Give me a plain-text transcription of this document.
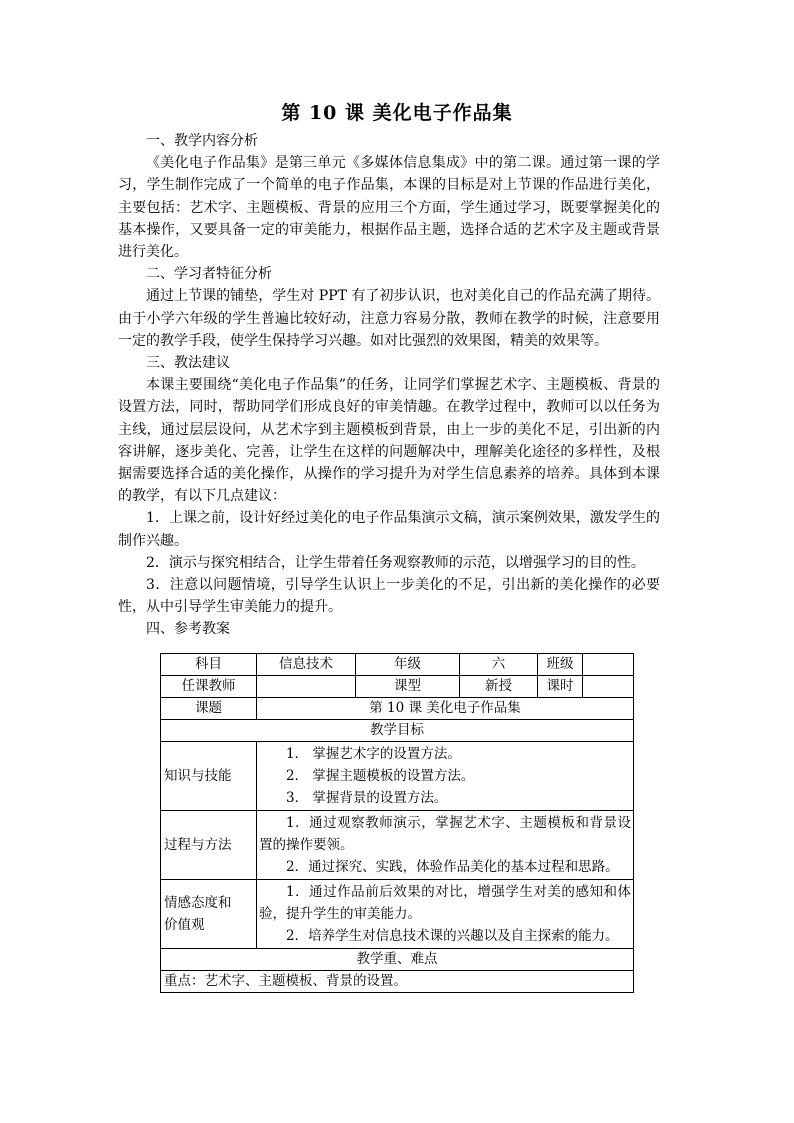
第 10 课 美化电子作品集

一、教学内容分析

《美化电子作品集》是第三单元《多媒体信息集成》中的第二课。通过第一课的学习，学生制作完成了一个简单的电子作品集，本课的目标是对上节课的作品进行美化，主要包括：艺术字、主题模板、背景的应用三个方面，学生通过学习，既要掌握美化的基本操作，又要具备一定的审美能力，根据作品主题，选择合适的艺术字及主题或背景进行美化。

二、学习者特征分析

通过上节课的铺垫，学生对 PPT 有了初步认识，也对美化自己的作品充满了期待。由于小学六年级的学生普遍比较好动，注意力容易分散，教师在教学的时候，注意要用一定的教学手段，使学生保持学习兴趣。如对比强烈的效果图，精美的效果等。

三、教法建议

本课主要围绕“美化电子作品集”的任务，让同学们掌握艺术字、主题模板、背景的设置方法，同时，帮助同学们形成良好的审美情趣。在教学过程中，教师可以以任务为主线，通过层层设问，从艺术字到主题模板到背景，由上一步的美化不足，引出新的内容讲解，逐步美化、完善，让学生在这样的问题解决中，理解美化途径的多样性，及根据需要选择合适的美化操作，从操作的学习提升为对学生信息素养的培养。具体到本课的教学，有以下几点建议：

1．上课之前，设计好经过美化的电子作品集演示文稿，演示案例效果，激发学生的制作兴趣。

2．演示与探究相结合，让学生带着任务观察教师的示范，以增强学习的目的性。

3．注意以问题情境，引导学生认识上一步美化的不足，引出新的美化操作的必要性，从中引导学生审美能力的提升。

四、参考教案

科目	信息技术	年级	六	班级	
任课教师		课型	新授	课时	
课题	第 10 课 美化电子作品集				
教学目标					
知识与技能	1． 掌握艺术字的设置方法。
2． 掌握主题模板的设置方法。
3． 掌握背景的设置方法。				

过程与方法	1．通过观察教师演示，掌握艺术字、主题模板和背景设置的操作要领。
2．通过探究、实践，体验作品美化的基本过程和思路。				

情感态度和
价值观	1．通过作品前后效果的对比，增强学生对美的感知和体验，提升学生的审美能力。
2．培养学生对信息技术课的兴趣以及自主探索的能力。				

教学重、难点					
重点：艺术字、主题模板、背景的设置。					
